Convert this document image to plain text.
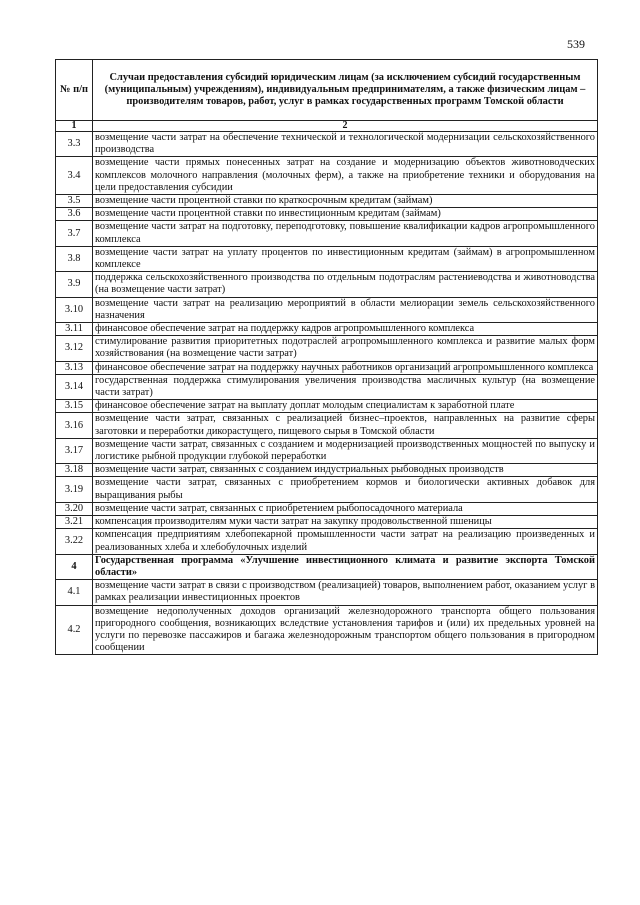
539
№ п/п	Случаи предоставления субсидий юридическим лицам (за исключением субсидий государственным (муниципальным) учреждениям), индивидуальным предпринимателям, а также физическим лицам – производителям товаров, работ, услуг в рамках государственных программ Томской области
1	2
3.3	возмещение части затрат на обеспечение технической и технологической модернизации сельскохозяйственного производства
3.4	возмещение части прямых понесенных затрат на создание и модернизацию объектов животноводческих комплексов молочного направления (молочных ферм), а также на приобретение техники и оборудования на цели предоставления субсидии
3.5	возмещение части процентной ставки по краткосрочным кредитам (займам)
3.6	возмещение части процентной ставки по инвестиционным кредитам (займам)
3.7	возмещение части затрат на подготовку, переподготовку, повышение квалификации кадров агропромышленного комплекса
3.8	возмещение части затрат на уплату процентов по инвестиционным кредитам (займам) в агропромышленном комплексе
3.9	поддержка сельскохозяйственного производства по отдельным подотраслям растениеводства и животноводства (на возмещение части затрат)
3.10	возмещение части затрат на реализацию мероприятий в области мелиорации земель сельскохозяйственного назначения
3.11	финансовое обеспечение затрат на поддержку кадров агропромышленного комплекса
3.12	стимулирование развития приоритетных подотраслей агропромышленного комплекса и развитие малых форм хозяйствования (на возмещение части затрат)
3.13	финансовое обеспечение затрат на поддержку научных работников организаций агропромышленного комплекса
3.14	государственная поддержка стимулирования увеличения производства масличных культур (на возмещение части затрат)
3.15	финансовое обеспечение затрат на выплату доплат молодым специалистам к заработной плате
3.16	возмещение части затрат, связанных с реализацией бизнес–проектов, направленных на развитие сферы заготовки и переработки дикорастущего, пищевого сырья в Томской области
3.17	возмещение части затрат, связанных с созданием и модернизацией производственных мощностей по выпуску и логистике рыбной продукции глубокой переработки
3.18	возмещение части затрат, связанных с созданием индустриальных рыбоводных производств
3.19	возмещение части затрат, связанных с приобретением кормов и биологически активных добавок для выращивания рыбы
3.20	возмещение части затрат, связанных с приобретением рыбопосадочного материала
3.21	компенсация производителям муки части затрат на закупку продовольственной пшеницы
3.22	компенсация предприятиям хлебопекарной промышленности части затрат на реализацию произведенных и реализованных хлеба и хлебобулочных изделий
4	Государственная программа «Улучшение инвестиционного климата и развитие экспорта Томской области»
4.1	возмещение части затрат в связи с производством (реализацией) товаров, выполнением работ, оказанием услуг в рамках реализации инвестиционных проектов
4.2	возмещение недополученных доходов организаций железнодорожного транспорта общего пользования пригородного сообщения, возникающих вследствие установления тарифов и (или) их предельных уровней на услуги по перевозке пассажиров и багажа железнодорожным транспортом общего пользования в пригородном сообщении
